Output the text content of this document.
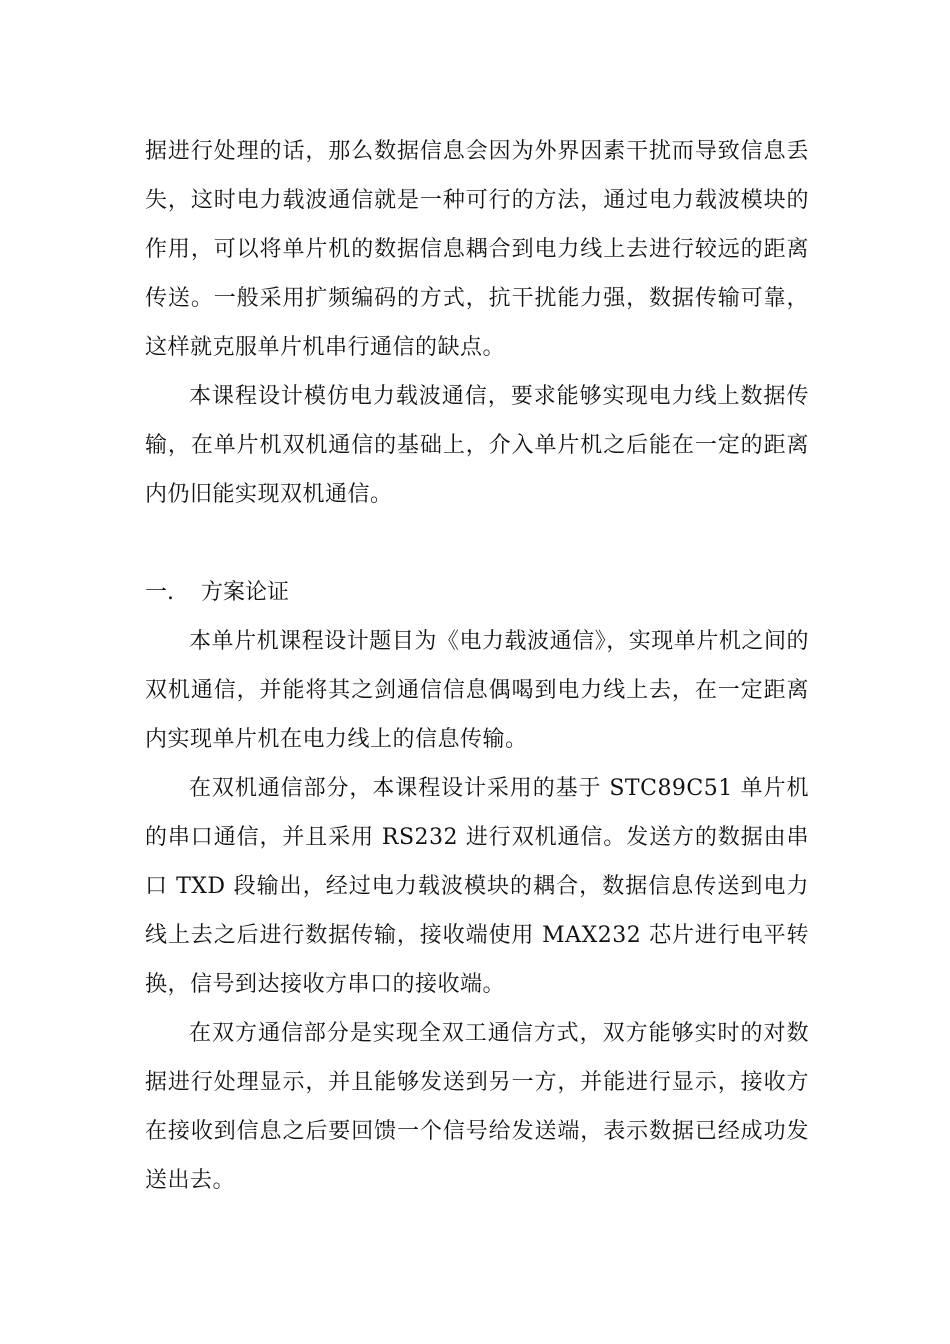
据进行处理的话，那么数据信息会因为外界因素干扰而导致信息丢失，这时电力载波通信就是一种可行的方法，通过电力载波模块的作用，可以将单片机的数据信息耦合到电力线上去进行较远的距离传送。一般采用扩频编码的方式，抗干扰能力强，数据传输可靠，这样就克服单片机串行通信的缺点。

本课程设计模仿电力载波通信，要求能够实现电力线上数据传输，在单片机双机通信的基础上，介入单片机之后能在一定的距离内仍旧能实现双机通信。

一. 方案论证

本单片机课程设计题目为《电力载波通信》，实现单片机之间的双机通信，并能将其之剑通信信息偶喝到电力线上去，在一定距离内实现单片机在电力线上的信息传输。

在双机通信部分，本课程设计采用的基于 STC89C51 单片机的串口通信，并且采用 RS232 进行双机通信。发送方的数据由串口 TXD 段输出，经过电力载波模块的耦合，数据信息传送到电力线上去之后进行数据传输，接收端使用 MAX232 芯片进行电平转换，信号到达接收方串口的接收端。

在双方通信部分是实现全双工通信方式，双方能够实时的对数据进行处理显示，并且能够发送到另一方，并能进行显示，接收方在接收到信息之后要回馈一个信号给发送端，表示数据已经成功发送出去。
